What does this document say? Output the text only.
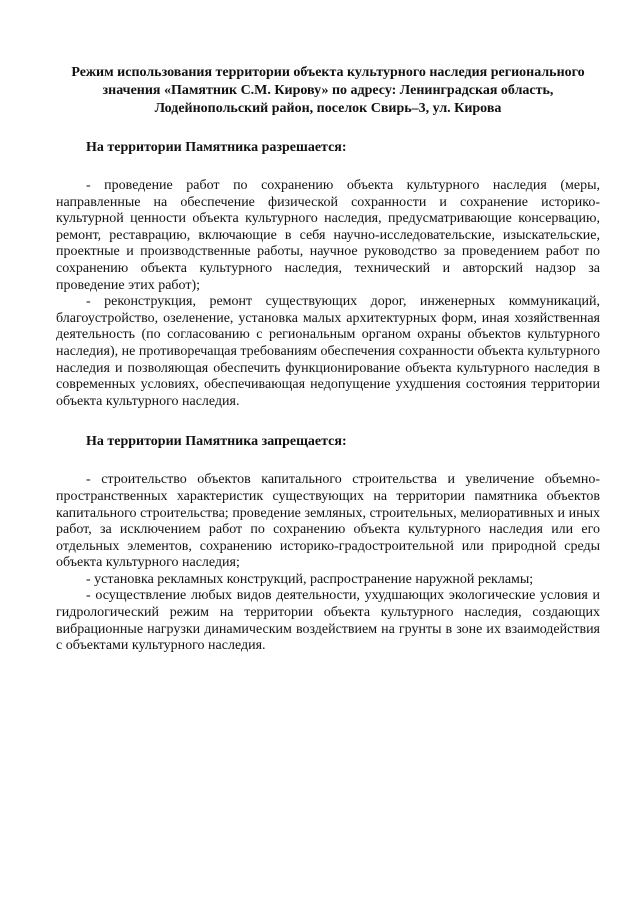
Режим использования территории объекта культурного наследия регионального значения «Памятник С.М. Кирову» по адресу: Ленинградская область, Лодейнопольский район, поселок Свирь–3, ул. Кирова

На территории Памятника разрешается:

- проведение работ по сохранению объекта культурного наследия (меры, направленные на обеспечение физической сохранности и сохранение историко-культурной ценности объекта культурного наследия, предусматривающие консервацию, ремонт, реставрацию, включающие в себя научно-исследовательские, изыскательские, проектные и производственные работы, научное руководство за проведением работ по сохранению объекта культурного наследия, технический и авторский надзор за проведение этих работ);

- реконструкция, ремонт существующих дорог, инженерных коммуникаций, благоустройство, озеленение, установка малых архитектурных форм, иная хозяйственная деятельность (по согласованию с региональным органом охраны объектов культурного наследия), не противоречащая требованиям обеспечения сохранности объекта культурного наследия и позволяющая обеспечить функционирование объекта культурного наследия в современных условиях, обеспечивающая недопущение ухудшения состояния территории объекта культурного наследия.

На территории Памятника запрещается:

- строительство объектов капитального строительства и увеличение объемно-пространственных характеристик существующих на территории памятника объектов капитального строительства; проведение земляных, строительных, мелиоративных и иных работ, за исключением работ по сохранению объекта культурного наследия или его отдельных элементов, сохранению историко-градостроительной или природной среды объекта культурного наследия;

- установка рекламных конструкций, распространение наружной рекламы;

- осуществление любых видов деятельности, ухудшающих экологические условия и гидрологический режим на территории объекта культурного наследия, создающих вибрационные нагрузки динамическим воздействием на грунты в зоне их взаимодействия с объектами культурного наследия.
